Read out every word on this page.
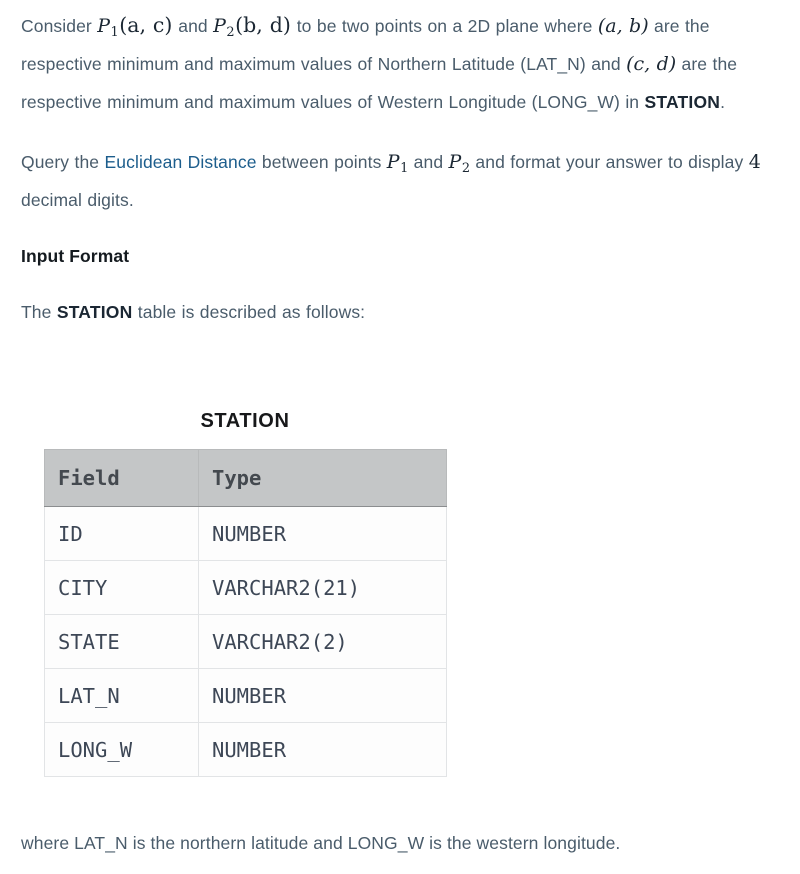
Consider $P_1(a$, c) and $P_2(b$, d) to be two points on a 2D plane where (a, b) are the respective minimum and maximum values of Northern Latitude (LAT_N) and (c, d) are the respective minimum and maximum values of Western Longitude (LONG_W) in STATION.

Query the Euclidean Distance between points $P_1$ and $P_2$ and format your answer to display 4 decimal digits.

Input Format

The STATION table is described as follows:

STATION
Field	Type
ID	NUMBER
CITY	VARCHAR2(21)
STATE	VARCHAR2(2)
LAT_N	NUMBER
LONG_W	NUMBER
where LAT_N is the northern latitude and LONG_W is the western longitude.
